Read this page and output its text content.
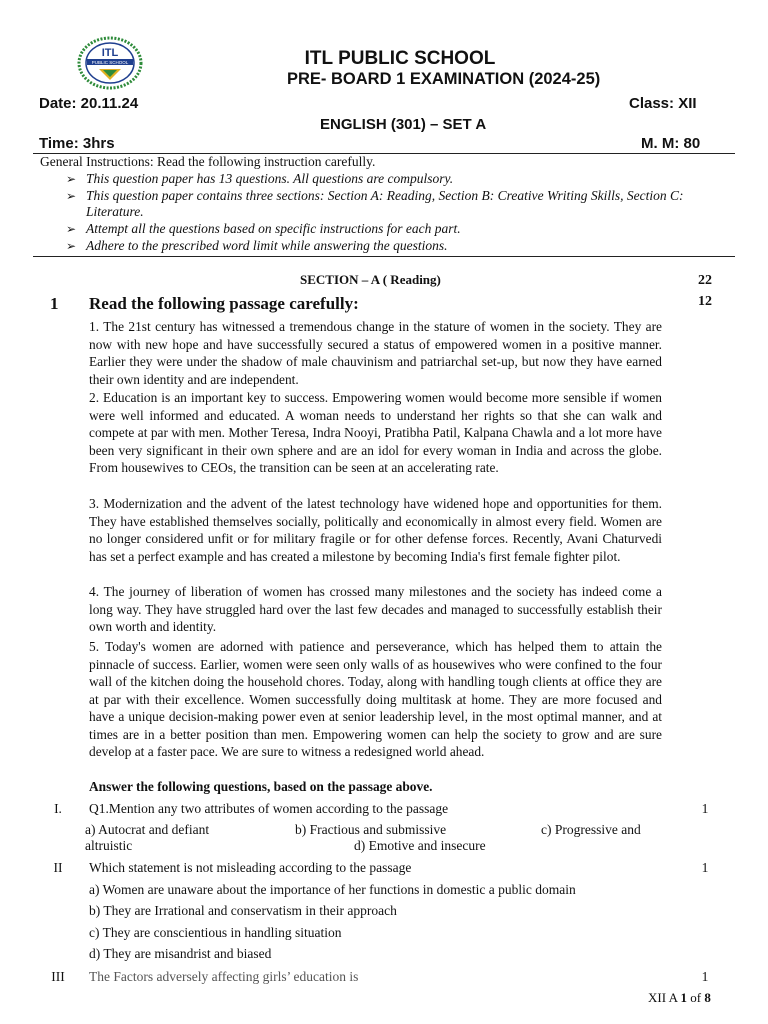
ITL
PUBLIC SCHOOL	ITL PUBLIC SCHOOL
PRE- BOARD 1 EXAMINATION (2024-25)
Date: 20.11.24	Class: XII
ENGLISH (301) – SET A
Time: 3hrs	M. M: 80
General Instructions: Read the following instruction carefully.
➢ This question paper has 13 questions. All questions are compulsory.
➢ This question paper contains three sections: Section A: Reading, Section B: Creative Writing Skills, Section C: Literature.
➢ Attempt all the questions based on specific instructions for each part.
➢ Adhere to the prescribed word limit while answering the questions.
SECTION – A ( Reading)	22
1 Read the following passage carefully:	12
1. The 21st century has witnessed a tremendous change in the stature of women in the society. They are now with new hope and have successfully secured a status of empowered women in a positive manner. Earlier they were under the shadow of male chauvinism and patriarchal set-up, but now they have earned their own identity and are independent.
2. Education is an important key to success. Empowering women would become more sensible if women were well informed and educated. A woman needs to understand her rights so that she can walk and compete at par with men. Mother Teresa, Indra Nooyi, Pratibha Patil, Kalpana Chawla and a lot more have been very significant in their own sphere and are an idol for every woman in India and across the globe. From housewives to CEOs, the transition can be seen at an accelerating rate.
3. Modernization and the advent of the latest technology have widened hope and opportunities for them. They have established themselves socially, politically and economically in almost every field. Women are no longer considered unfit or for military fragile or for other defense forces. Recently, Avani Chaturvedi has set a perfect example and has created a milestone by becoming India's first female fighter pilot.
4. The journey of liberation of women has crossed many milestones and the society has indeed come a long way. They have struggled hard over the last few decades and managed to successfully establish their own worth and identity.
5. Today's women are adorned with patience and perseverance, which has helped them to attain the pinnacle of success. Earlier, women were seen only walls of as housewives who were confined to the four wall of the kitchen doing the household chores. Today, along with handling tough clients at office they are at par with their excellence. Women successfully doing multitask at home. They are more focused and have a unique decision-making power even at senior leadership level, in the most optimal manner, and at times are in a better position than men. Empowering women can help the society to grow and are sure develop at a faster pace. We are sure to witness a redesigned world ahead.
Answer the following questions, based on the passage above.
I.	Q1.Mention any two attributes of women according to the passage	1
a) Autocrat and defiant	b) Fractious and submissive	c) Progressive and
altruistic	d) Emotive and insecure
II	Which statement is not misleading according to the passage	1
a) Women are unaware about the importance of her functions in domestic a public domain
b) They are Irrational and conservatism in their approach
c) They are conscientious in handling situation
d) They are misandrist and biased
III	The Factors adversely affecting girls’ education is	1
XII A 1 of 8
